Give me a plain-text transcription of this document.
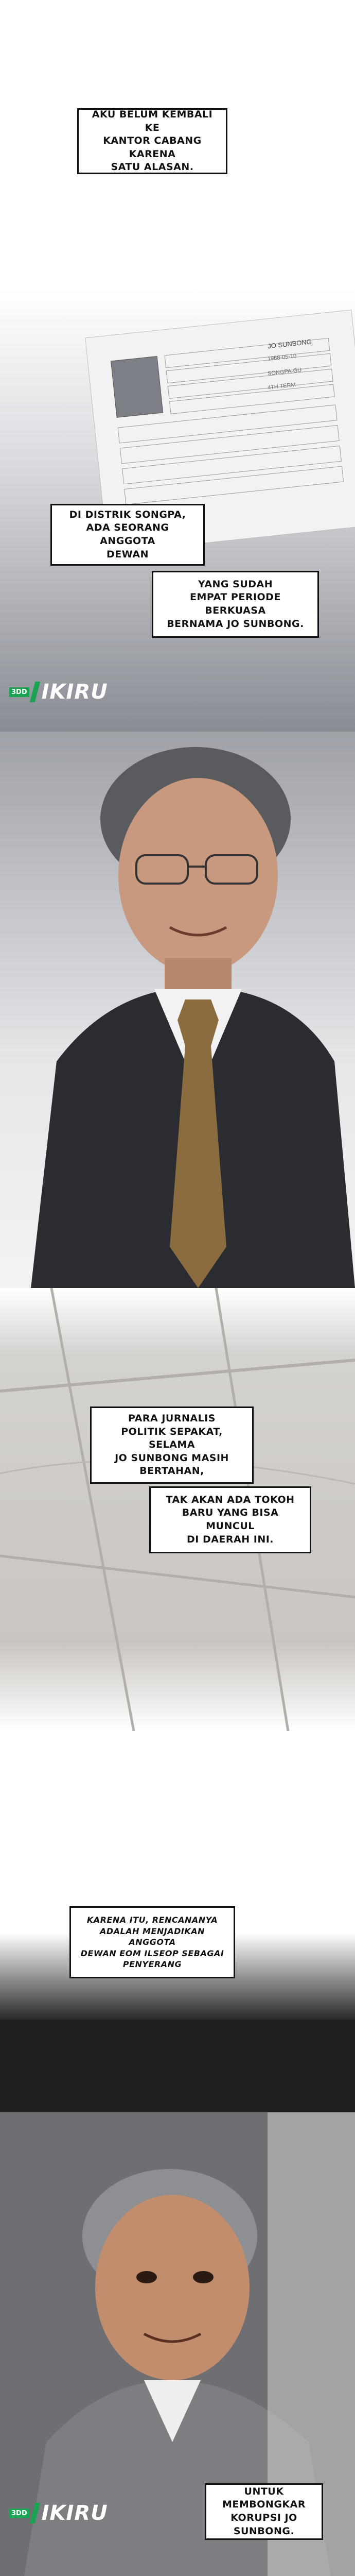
AKU BELUM KEMBALI KE
KANTOR CABANG KARENA
SATU ALASAN.
JO SUNBONG
1968-05-10
SONGPA-GU
4TH TERM
DI DISTRIK SONGPA,
ADA SEORANG ANGGOTA
DEWAN
YANG SUDAH
EMPAT PERIODE BERKUASA
BERNAMA JO SUNBONG.
3DD IKIRU
PARA JURNALIS
POLITIK SEPAKAT, SELAMA
JO SUNBONG MASIH
BERTAHAN,
TAK AKAN ADA TOKOH
BARU YANG BISA MUNCUL
DI DAERAH INI.
KARENA ITU, RENCANANYA
ADALAH MENJADIKAN ANGGOTA
DEWAN EOM ILSEOP SEBAGAI
PENYERANG
3DD IKIRU
UNTUK MEMBONGKAR
KORUPSI JO SUNBONG.
